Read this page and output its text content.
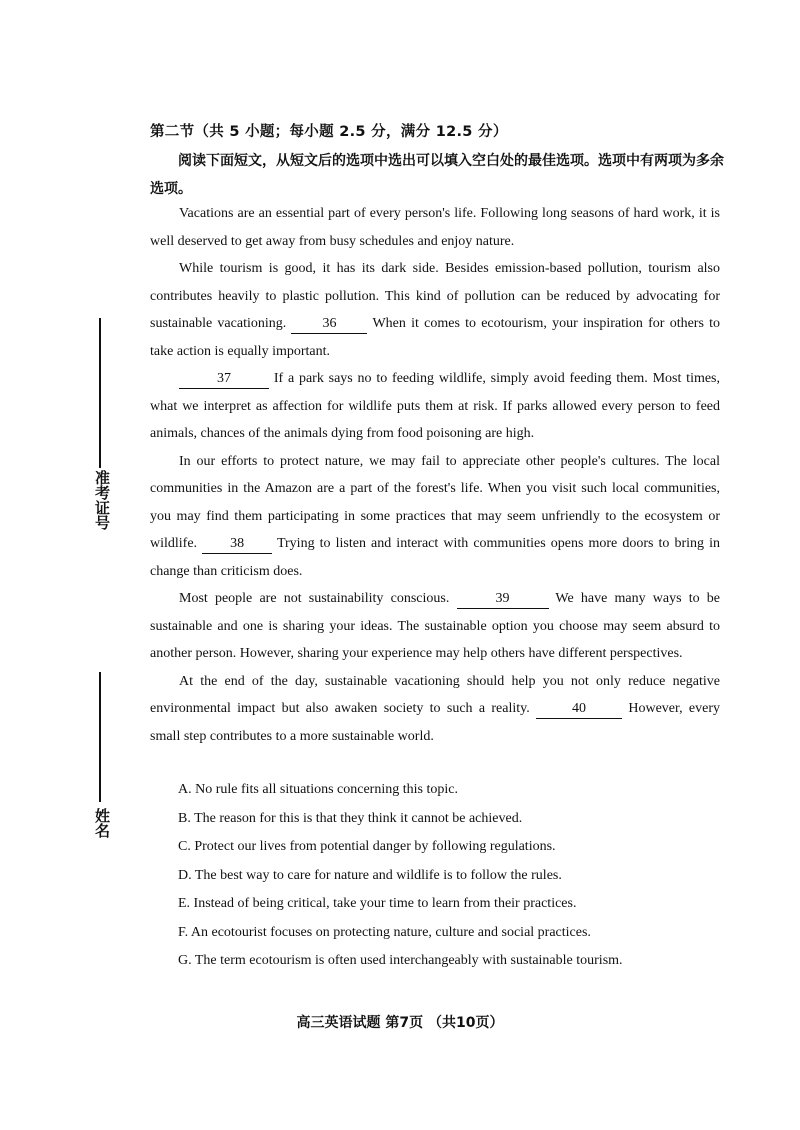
准考证号
姓名
第二节（共 5 小题；每小题 2.5 分，满分 12.5 分）
阅读下面短文，从短文后的选项中选出可以填入空白处的最佳选项。选项中有两项为多余选项。

Vacations are an essential part of every person's life. Following long seasons of hard work, it is well deserved to get away from busy schedules and enjoy nature.

While tourism is good, it has its dark side. Besides emission-based pollution, tourism also contributes heavily to plastic pollution. This kind of pollution can be reduced by advocating for sustainable vacationing.	36	When it comes to ecotourism, your inspiration for others to take action is equally important.

37	If a park says no to feeding wildlife, simply avoid feeding them. Most times, what we interpret as affection for wildlife puts them at risk. If parks allowed every person to feed animals, chances of the animals dying from food poisoning are high.

In our efforts to protect nature, we may fail to appreciate other people's cultures. The local communities in the Amazon are a part of the forest's life. When you visit such local communities, you may find them participating in some practices that may seem unfriendly to the ecosystem or wildlife. 38 Trying to listen and interact with communities opens more doors to bring in change than criticism does.

Most people are not sustainability conscious.	39	We have many ways to be sustainable and one is sharing your ideas. The sustainable option you choose may seem absurd to another person. However, sharing your experience may help others have different perspectives.

At the end of the day, sustainable vacationing should help you not only reduce negative environmental impact but also awaken society to such a reality.	40	However, every small step contributes to a more sustainable world.

A. No rule fits all situations concerning this topic.
B. The reason for this is that they think it cannot be achieved.
C. Protect our lives from potential danger by following regulations.
D. The best way to care for nature and wildlife is to follow the rules.
E. Instead of being critical, take your time to learn from their practices.
F. An ecotourist focuses on protecting nature, culture and social practices.
G. The term ecotourism is often used interchangeably with sustainable tourism.
高三英语试题 第7页 （共10页）
